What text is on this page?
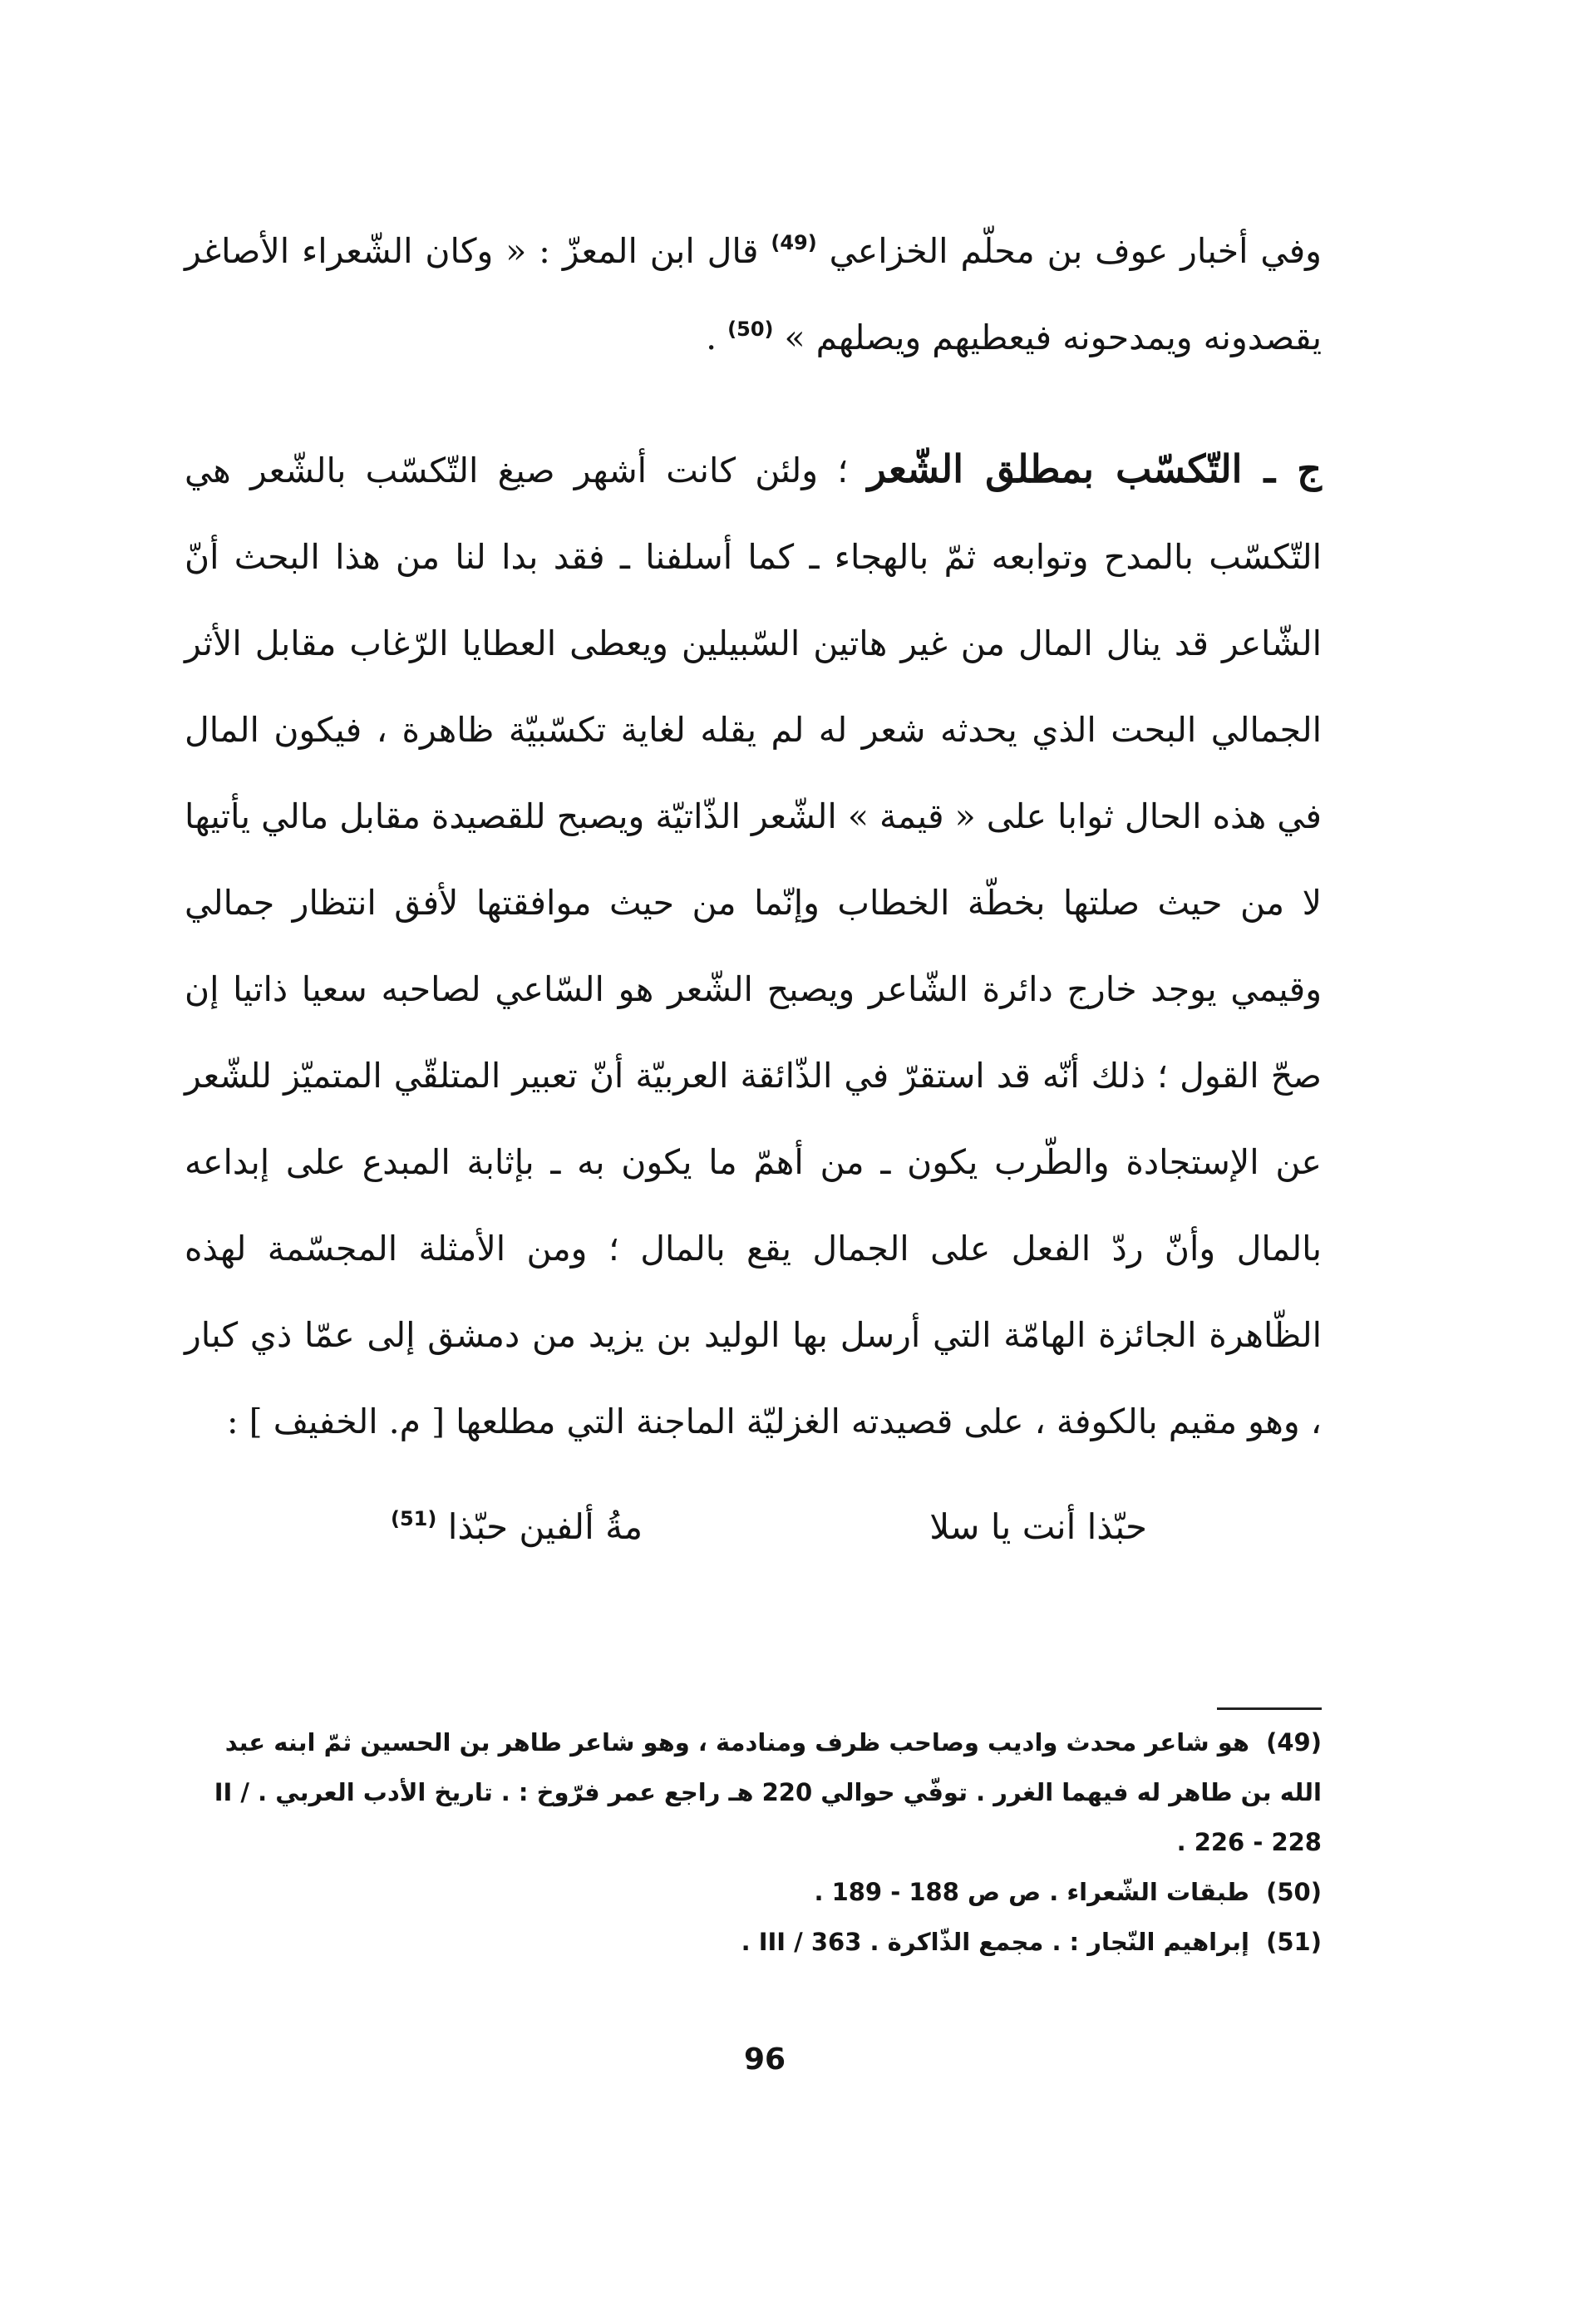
وفي أخبار عوف بن محلّم الخزاعي $^{(49)}$ قال ابن المعزّ : « وكان الشّعراء الأصاغر يقصدونه ويمدحونه فيعطيهم ويصلهم » $^{(50)}$ .

ج ـ التّكسّب بمطلق الشّعر ؛ ولئن كانت أشهر صيغ التّكسّب بالشّعر هي التّكسّب بالمدح وتوابعه ثمّ بالهجاء ـ كما أسلفنا ـ فقد بدا لنا من هذا البحث أنّ الشّاعر قد ينال المال من غير هاتين السّبيلين ويعطى العطايا الرّغاب مقابل الأثر الجمالي البحت الذي يحدثه شعر له لم يقله لغاية تكسّبيّة ظاهرة ، فيكون المال في هذه الحال ثوابا على « قيمة » الشّعر الذّاتيّة ويصبح للقصيدة مقابل مالي يأتيها لا من حيث صلتها بخطّة الخطاب وإنّما من حيث موافقتها لأفق انتظار جمالي وقيمي يوجد خارج دائرة الشّاعر ويصبح الشّعر هو السّاعي لصاحبه سعيا ذاتيا إن صحّ القول ؛ ذلك أنّه قد استقرّ في الذّائقة العربيّة أنّ تعبير المتلقّي المتميّز للشّعر عن الإستجادة والطّرب يكون ـ من أهمّ ما يكون به ـ بإثابة المبدع على إبداعه بالمال وأنّ ردّ الفعل على الجمال يقع بالمال ؛ ومن الأمثلة المجسّمة لهذه الظّاهرة الجائزة الهامّة التي أرسل بها الوليد بن يزيد من دمشق إلى عمّا ذي كبار ، وهو مقيم بالكوفة ، على قصيدته الغزليّة الماجنة التي مطلعها [ م. الخفيف ] :

حبّذا أنت يا سلا
مةُ ألفين حبّذا $^{(51)}$
(49) هو شاعر محدث واديب وصاحب ظرف ومنادمة ، وهو شاعر طاهر بن الحسين ثمّ ابنه عبد الله بن طاهر له فيهما الغرر . توفّي حوالي 220 هـ راجع عمر فرّوخ : . تاريخ الأدب العربي . II / 226 - 228 .
(50) طبقات الشّعراء . ص ص 188 - 189 .
(51) إبراهيم النّجار : . مجمع الذّاكرة . III / 363 .
96
